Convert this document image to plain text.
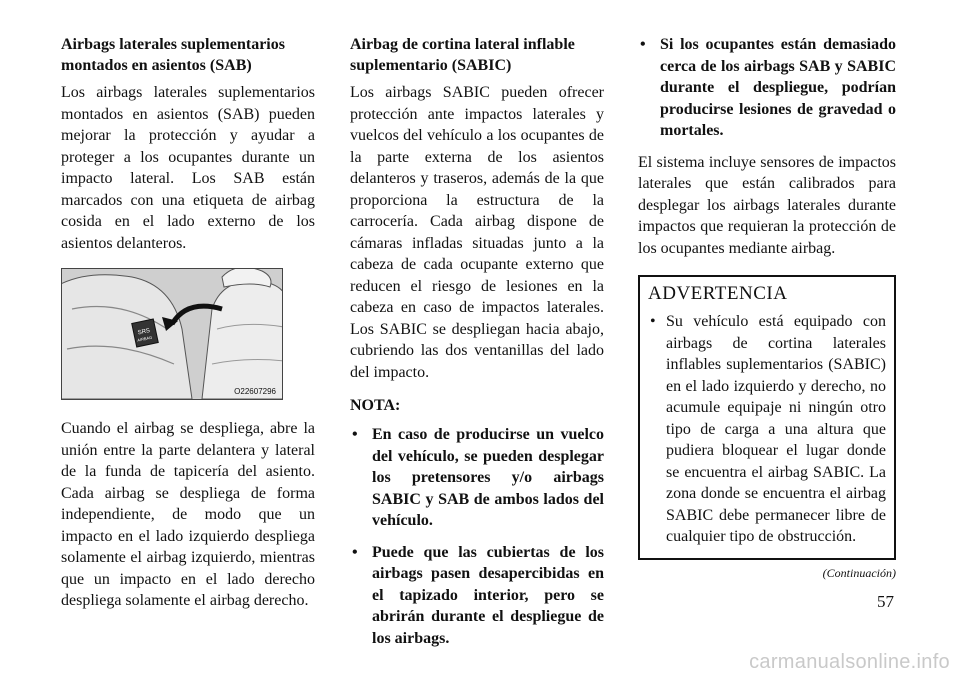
Airbags laterales suplementarios montados en asientos (SAB)

Los airbags laterales suplementarios montados en asientos (SAB) pueden mejorar la protección y ayudar a proteger a los ocupantes durante un impacto lateral. Los SAB están marcados con una etiqueta de airbag cosida en el lado externo de los asientos delanteros.

SRS
AIRBAG
O22607296

Cuando el airbag se despliega, abre la unión entre la parte delantera y lateral de la funda de tapicería del asiento. Cada airbag se despliega de forma independiente, de modo que un impacto en el lado izquierdo despliega solamente el airbag izquierdo, mientras que un impacto en el lado derecho despliega solamente el airbag derecho.

Airbag de cortina lateral inflable suplementario (SABIC)

Los airbags SABIC pueden ofrecer protección ante impactos laterales y vuelcos del vehículo a los ocupantes de la parte externa de los asientos delanteros y traseros, además de la que proporciona la estructura de la carrocería. Cada airbag dispone de cámaras infladas situadas junto a la cabeza de cada ocupante externo que reducen el riesgo de lesiones en la cabeza en caso de impactos laterales. Los SABIC se despliegan hacia abajo, cubriendo las dos ventanillas del lado del impacto.

NOTA:
• En caso de producirse un vuelco del vehículo, se pueden desplegar los pretensores y/o airbags SABIC y SAB de ambos lados del vehículo.
• Puede que las cubiertas de los airbags pasen desapercibidas en el tapizado interior, pero se abrirán durante el despliegue de los airbags.
• Si los ocupantes están demasiado cerca de los airbags SAB y SABIC durante el despliegue, podrían producirse lesiones de gravedad o mortales.

El sistema incluye sensores de impactos laterales que están calibrados para desplegar los airbags laterales durante impactos que requieran la protección de los ocupantes mediante airbag.

ADVERTENCIA
• Su vehículo está equipado con airbags de cortina laterales inflables suplementarios (SABIC) en el lado izquierdo y derecho, no acumule equipaje ni ningún otro tipo de carga a una altura que pudiera bloquear el lugar donde se encuentra el airbag SABIC. La zona donde se encuentra el airbag SABIC debe permanecer libre de cualquier tipo de obstrucción.
(Continuación)
57
carmanualsonline.info
